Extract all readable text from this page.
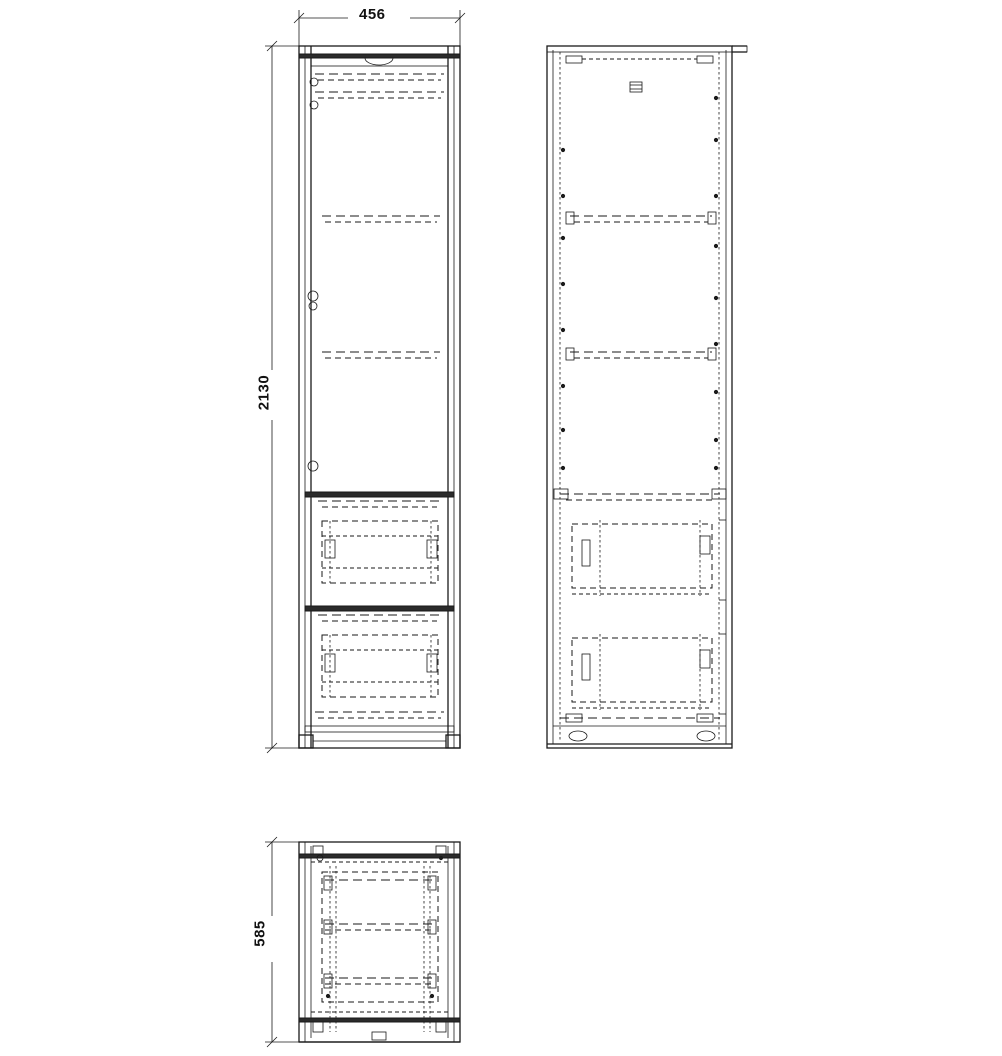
456
2130
585
